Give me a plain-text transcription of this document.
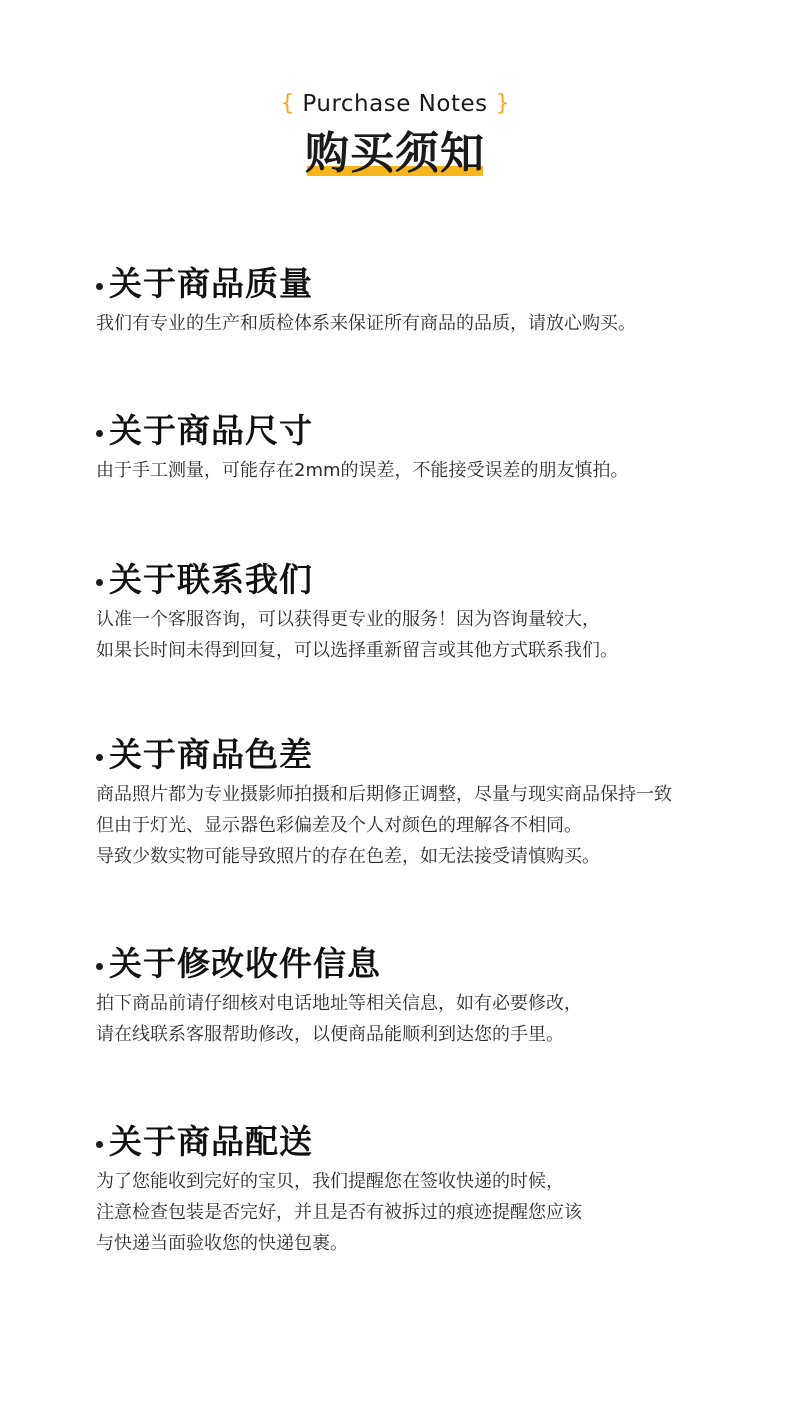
{ Purchase Notes }
购买须知
关于商品质量
我们有专业的生产和质检体系来保证所有商品的品质，请放心购买。
关于商品尺寸
由于手工测量，可能存在2mm的误差，不能接受误差的朋友慎拍。
关于联系我们
认准一个客服咨询，可以获得更专业的服务！因为咨询量较大，
如果长时间未得到回复，可以选择重新留言或其他方式联系我们。
关于商品色差
商品照片都为专业摄影师拍摄和后期修正调整，尽量与现实商品保持一致
但由于灯光、显示器色彩偏差及个人对颜色的理解各不相同。
导致少数实物可能导致照片的存在色差，如无法接受请慎购买。
关于修改收件信息
拍下商品前请仔细核对电话地址等相关信息，如有必要修改，
请在线联系客服帮助修改，以便商品能顺利到达您的手里。
关于商品配送
为了您能收到完好的宝贝，我们提醒您在签收快递的时候，
注意检查包装是否完好，并且是否有被拆过的痕迹提醒您应该
与快递当面验收您的快递包裹。
